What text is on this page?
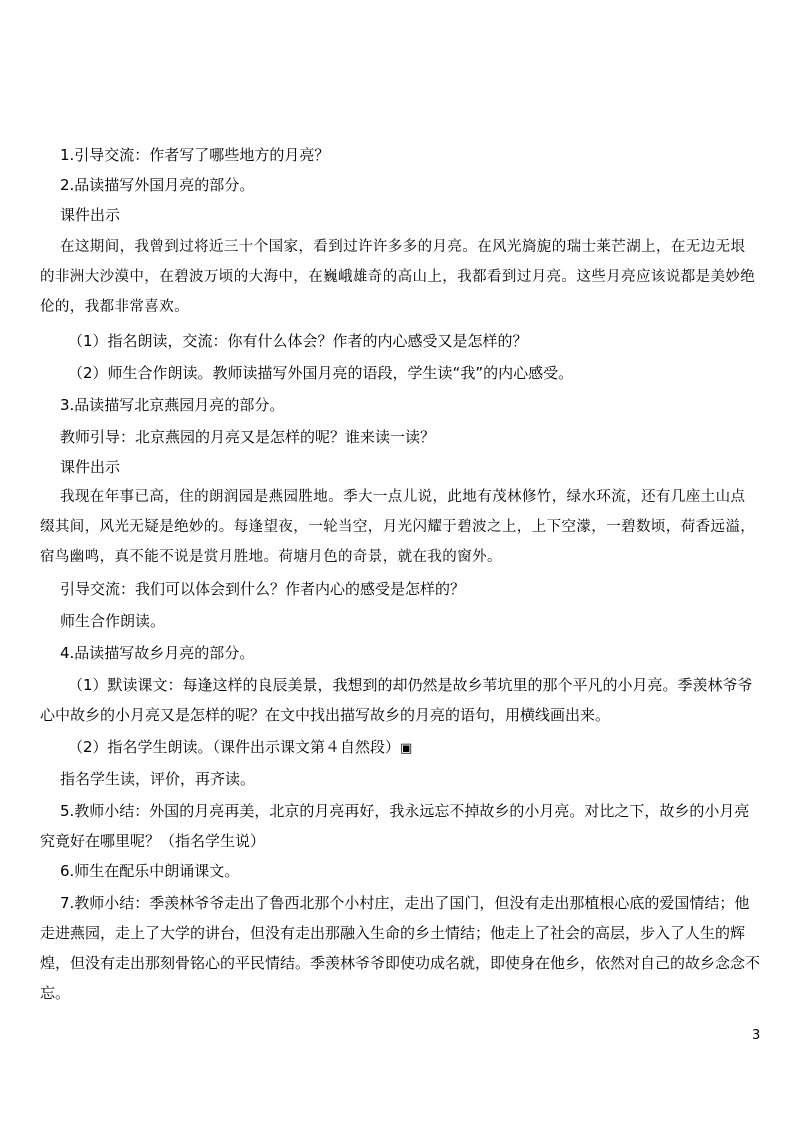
1.引导交流：作者写了哪些地方的月亮？

2.品读描写外国月亮的部分。

课件出示

在这期间，我曾到过将近三十个国家，看到过许许多多的月亮。在风光旖旎的瑞士莱芒湖上，在无边无垠的非洲大沙漠中，在碧波万顷的大海中，在巍峨雄奇的高山上，我都看到过月亮。这些月亮应该说都是美妙绝伦的，我都非常喜欢。

（1）指名朗读，交流：你有什么体会？作者的内心感受又是怎样的？

（2）师生合作朗读。教师读描写外国月亮的语段，学生读“我”的内心感受。

3.品读描写北京燕园月亮的部分。

教师引导：北京燕园的月亮又是怎样的呢？谁来读一读？

课件出示

我现在年事已高，住的朗润园是燕园胜地。季大一点儿说，此地有茂林修竹，绿水环流，还有几座土山点缀其间，风光无疑是绝妙的。每逢望夜，一轮当空，月光闪耀于碧波之上，上下空濛，一碧数顷，荷香远溢，宿鸟幽鸣，真不能不说是赏月胜地。荷塘月色的奇景，就在我的窗外。

引导交流：我们可以体会到什么？作者内心的感受是怎样的？

师生合作朗读。

4.品读描写故乡月亮的部分。

（1）默读课文：每逢这样的良辰美景，我想到的却仍然是故乡苇坑里的那个平凡的小月亮。季羡林爷爷心中故乡的小月亮又是怎样的呢？在文中找出描写故乡的月亮的语句，用横线画出来。

（2）指名学生朗读。（课件出示课文第４自然段）▣

指名学生读，评价，再齐读。

5.教师小结：外国的月亮再美，北京的月亮再好，我永远忘不掉故乡的小月亮。对比之下，故乡的小月亮究竟好在哪里呢？（指名学生说）

6.师生在配乐中朗诵课文。

7.教师小结：季羡林爷爷走出了鲁西北那个小村庄，走出了国门，但没有走出那植根心底的爱国情结；他走进燕园，走上了大学的讲台，但没有走出那融入生命的乡土情结；他走上了社会的高层，步入了人生的辉煌，但没有走出那刻骨铭心的平民情结。季羡林爷爷即使功成名就，即使身在他乡，依然对自己的故乡念念不忘。

3
